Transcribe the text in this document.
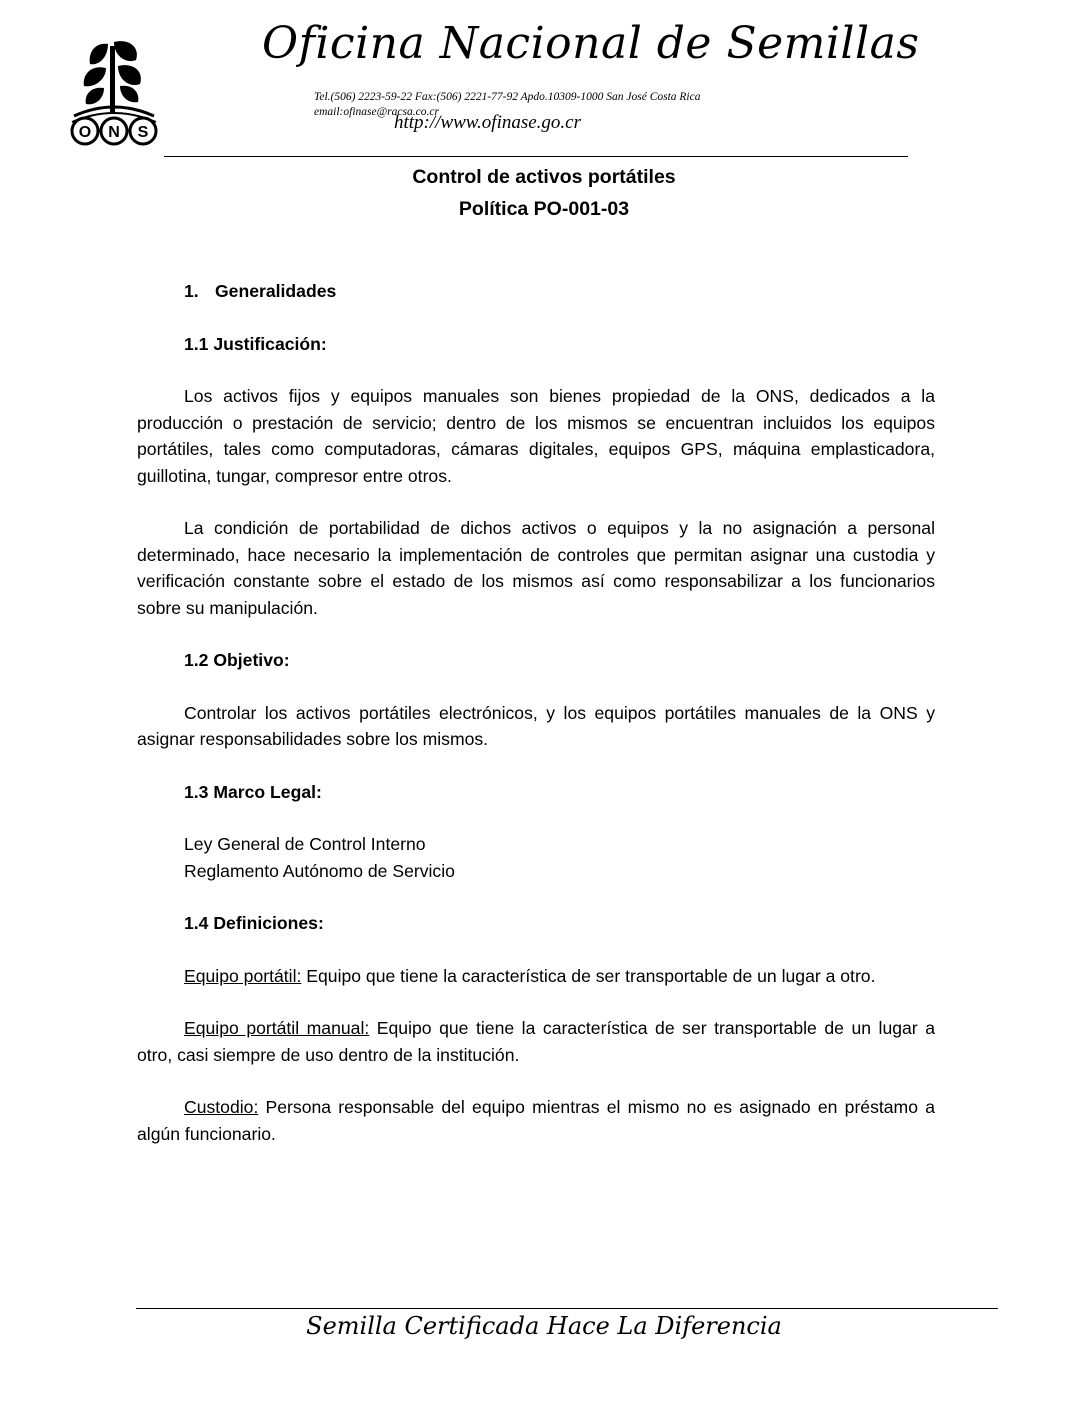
O N S
Oficina Nacional de Semillas
Tel.(506) 2223-59-22 Fax:(506) 2221-77-92 Apdo.10309-1000 San José Costa Rica
email:ofinase@racsa.co.cr
http://www.ofinase.go.cr
Control de activos portátiles
Política PO-001-03

1. Generalidades

1.1 Justificación:

Los activos fijos y equipos manuales son bienes propiedad de la ONS, dedicados a la producción o prestación de servicio; dentro de los mismos se encuentran incluidos los equipos portátiles, tales como computadoras, cámaras digitales, equipos GPS, máquina emplasticadora, guillotina, tungar, compresor entre otros.

La condición de portabilidad de dichos activos o equipos y la no asignación a personal determinado, hace necesario la implementación de controles que permitan asignar una custodia y verificación constante sobre el estado de los mismos así como responsabilizar a los funcionarios sobre su manipulación.

1.2 Objetivo:

Controlar los activos portátiles electrónicos, y los equipos portátiles manuales de la ONS y asignar responsabilidades sobre los mismos.

1.3 Marco Legal:

Ley General de Control Interno

Reglamento Autónomo de Servicio

1.4 Definiciones:

Equipo portátil: Equipo que tiene la característica de ser transportable de un lugar a otro.

Equipo portátil manual: Equipo que tiene la característica de ser transportable de un lugar a otro, casi siempre de uso dentro de la institución.

Custodio: Persona responsable del equipo mientras el mismo no es asignado en préstamo a algún funcionario.

Semilla Certificada Hace La Diferencia
